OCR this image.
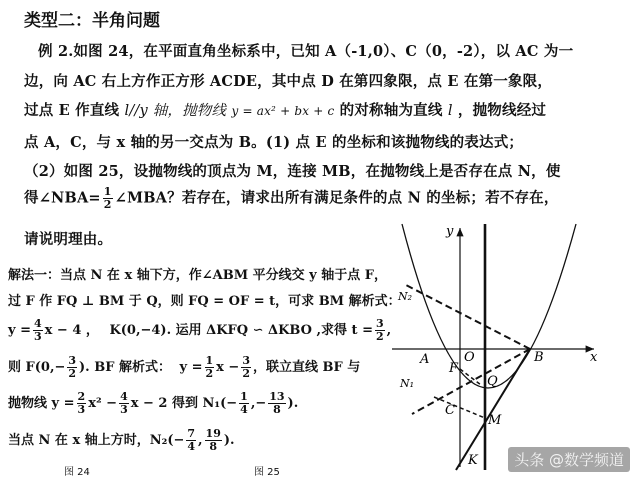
类型二：半角问题
例 2.如图 24，在平面直角坐标系中，已知 A（-1,0）、C（0，-2），以 AC 为一
边，向 AC 右上方作正方形 ACDE，其中点 D 在第四象限，点 E 在第一象限，
过点 E 作直线 l//y 轴，抛物线 y = ax² + bx + c 的对称轴为直线 l ，抛物线经过
点 A，C，与 x 轴的另一交点为 B。(1) 点 E 的坐标和该抛物线的表达式；
（2）如图 25，设抛物线的顶点为 M，连接 MB，在抛物线上是否存在点 N，使
得∠NBA= $\frac{1}{2}$ ∠MBA？若存在，请求出所有满足条件的点 N 的坐标；若不存在，
请说明理由。
解法一：当点 N 在 x 轴下方，作∠ABM 平分线交 y 轴于点 F，
过 F 作 FQ ⊥ BM 于 Q，则 FQ = OF = t，可求 BM 解析式：
$y = \frac{4}{3}$ x − 4 ， K(0,−4). 运用 ΔKFQ ∽ ΔKBO ,求得 $t = \frac{3}{2}$ ,
则 $F(0,- \frac{3}{2}$ ). BF 解析式： $y = \frac{1}{2}$ $x - \frac{3}{2}$ ，联立直线 BF 与
抛物线 $y = \frac{2}{3} x^2 - \frac{4}{3}$ x − 2 得到 $N_1(- \frac{1}{4}$ ,− $\frac{13}{8}$ ).
当点 N 在 x 轴上方时，$N_2(- \frac{7}{4}$ , $\frac{19}{8}$ ).
图 24	图 25
y
x
N₂
A	O	B
F
N₁	Q
C
M
K	头条 @数学频道
